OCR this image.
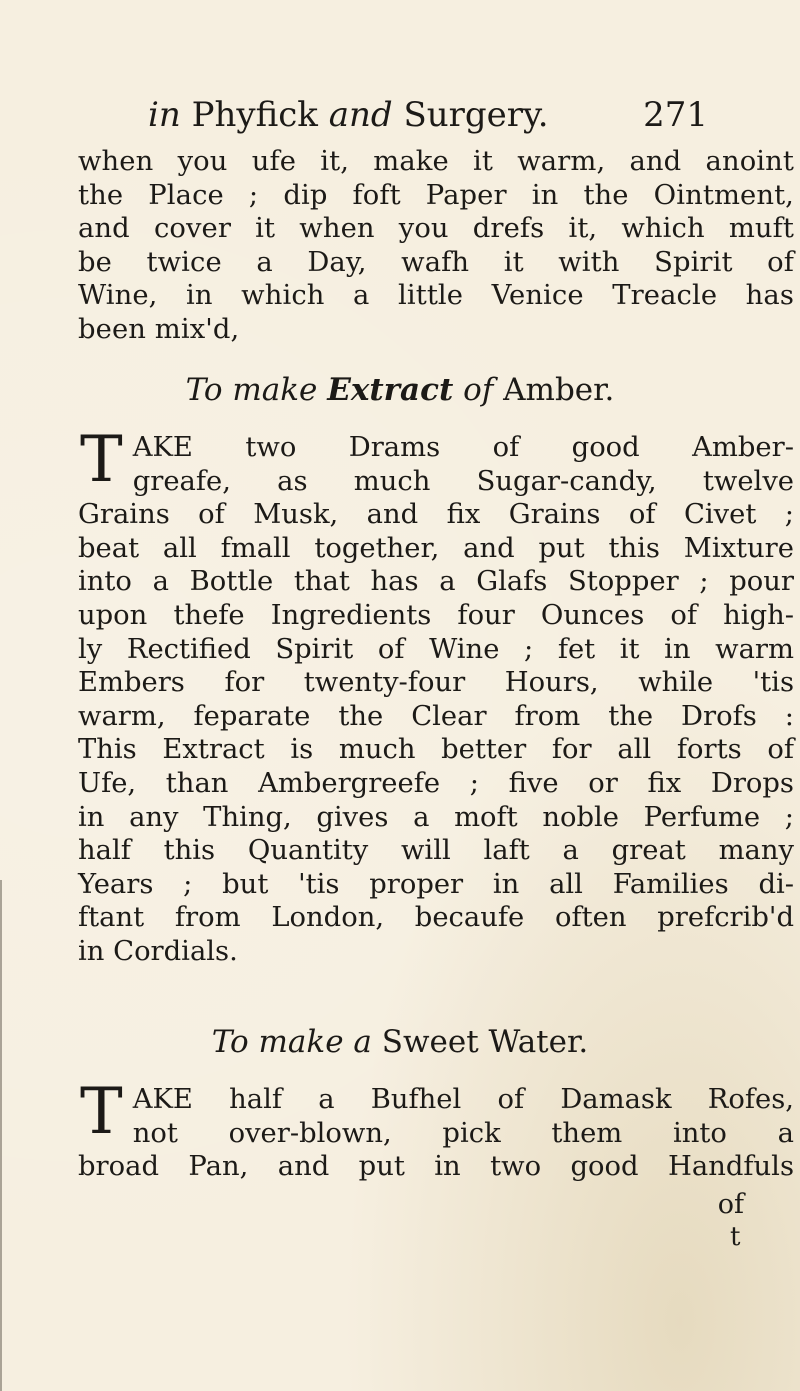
in Phyfick and Surgery.	271
when you ufe it, make it warm, and anoint
the Place ; dip foft Paper in the Ointment,
and cover it when you drefs it, which muft
be twice a Day, wafh it with Spirit of
Wine, in which a little Venice Treacle has
been mix'd,
To make Extract of Amber.
T AKE two Drams of good Amber-
greafe, as much Sugar-candy, twelve
Grains of Musk, and fix Grains of Civet ;
beat all fmall together, and put this Mixture
into a Bottle that has a Glafs Stopper ; pour
upon thefe Ingredients four Ounces of high-
ly Rectified Spirit of Wine ; fet it in warm
Embers for twenty-four Hours, while 'tis
warm, feparate the Clear from the Drofs :
This Extract is much better for all forts of
Ufe, than Ambergreefe ; five or fix Drops
in any Thing, gives a moft noble Perfume ;
half this Quantity will laft a great many
Years ; but 'tis proper in all Families di-
ftant from London, becaufe often prefcrib'd
in Cordials.
To make a Sweet Water.
T AKE half a Bufhel of Damask Rofes,
not over-blown, pick them into a
broad Pan, and put in two good Handfuls
of
t
